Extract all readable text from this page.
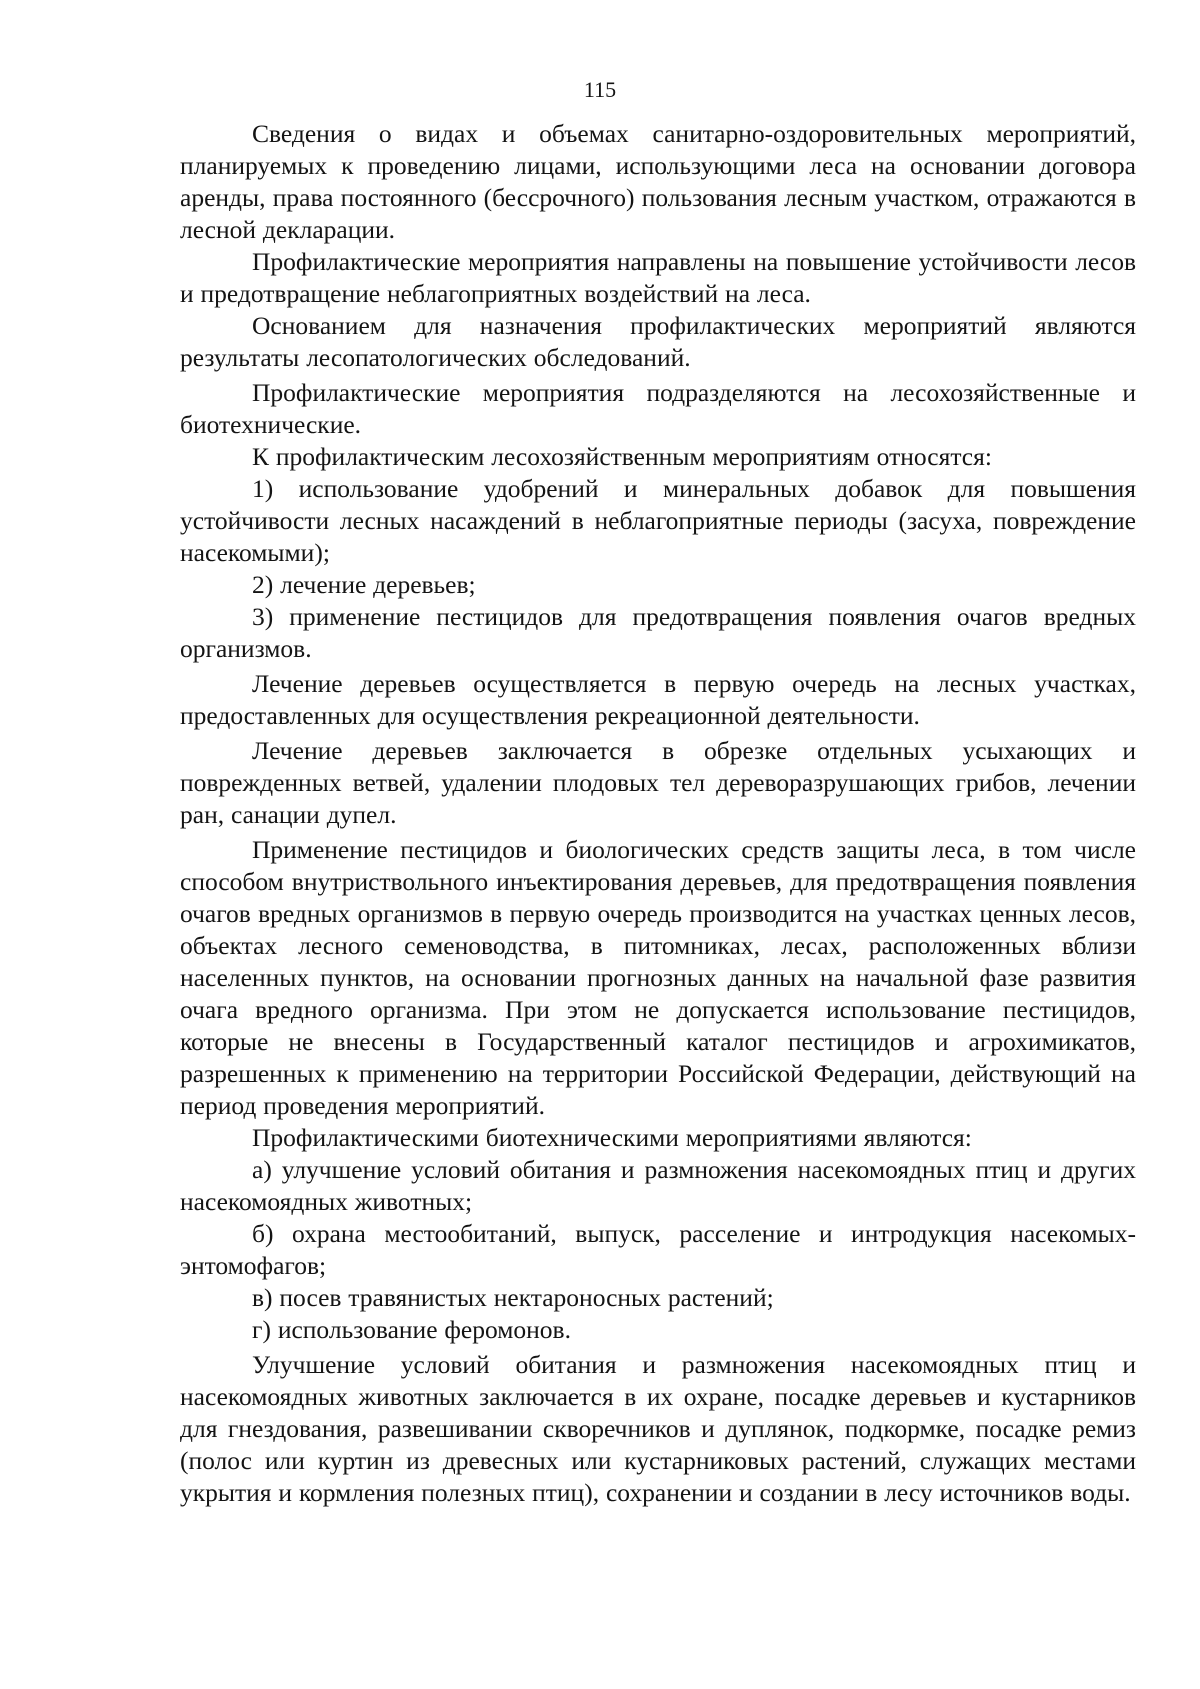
115

Сведения о видах и объемах санитарно-оздоровительных мероприятий, планируемых к проведению лицами, использующими леса на основании договора аренды, права постоянного (бессрочного) пользования лесным участком, отражаются в лесной декларации.

Профилактические мероприятия направлены на повышение устойчивости лесов и предотвращение неблагоприятных воздействий на леса.

Основанием для назначения профилактических мероприятий являются результаты лесопатологических обследований.

Профилактические мероприятия подразделяются на лесохозяйственные и биотехнические.

К профилактическим лесохозяйственным мероприятиям относятся:

1) использование удобрений и минеральных добавок для повышения устойчивости лесных насаждений в неблагоприятные периоды (засуха, повреждение насекомыми);

2) лечение деревьев;

3) применение пестицидов для предотвращения появления очагов вредных организмов.

Лечение деревьев осуществляется в первую очередь на лесных участках, предоставленных для осуществления рекреационной деятельности.

Лечение деревьев заключается в обрезке отдельных усыхающих и поврежденных ветвей, удалении плодовых тел дереворазрушающих грибов, лечении ран, санации дупел.

Применение пестицидов и биологических средств защиты леса, в том числе способом внутриствольного инъектирования деревьев, для предотвращения появления очагов вредных организмов в первую очередь производится на участках ценных лесов, объектах лесного семеноводства, в питомниках, лесах, расположенных вблизи населенных пунктов, на основании прогнозных данных на начальной фазе развития очага вредного организма. При этом не допускается использование пестицидов, которые не внесены в Государственный каталог пестицидов и агрохимикатов, разрешенных к применению на территории Российской Федерации, действующий на период проведения мероприятий.

Профилактическими биотехническими мероприятиями являются:

а) улучшение условий обитания и размножения насекомоядных птиц и других насекомоядных животных;

б) охрана местообитаний, выпуск, расселение и интродукция насекомых-энтомофагов;

в) посев травянистых нектароносных растений;

г) использование феромонов.

Улучшение условий обитания и размножения насекомоядных птиц и насекомоядных животных заключается в их охране, посадке деревьев и кустарников для гнездования, развешивании скворечников и дуплянок, подкормке, посадке ремиз (полос или куртин из древесных или кустарниковых растений, служащих местами укрытия и кормления полезных птиц), сохранении и создании в лесу источников воды.
